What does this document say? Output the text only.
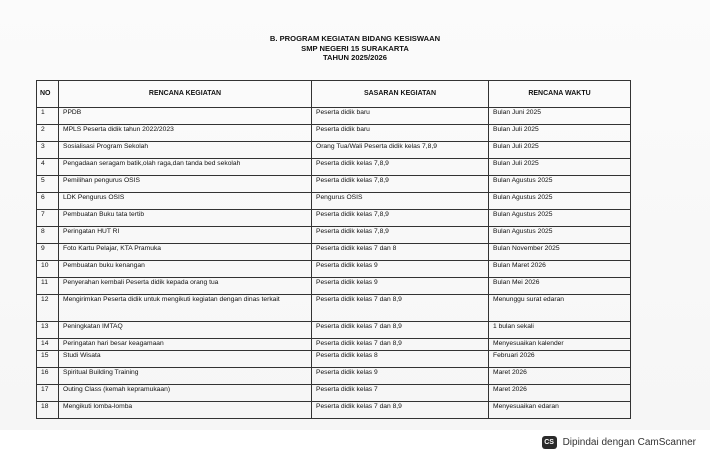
B. PROGRAM KEGIATAN BIDANG KESISWAAN
SMP NEGERI 15 SURAKARTA
TAHUN 2025/2026
NO	RENCANA KEGIATAN	SASARAN KEGIATAN	RENCANA WAKTU
1	PPDB	Peserta didik baru	Bulan Juni 2025
2	MPLS Peserta didik tahun 2022/2023	Peserta didik baru	Bulan Juli 2025
3	Sosialisasi Program Sekolah	Orang Tua/Wali Peserta didik kelas 7,8,9	Bulan Juli 2025
4	Pengadaan seragam batik,olah raga,dan tanda bed sekolah	Peserta didik kelas 7,8,9	Bulan Juli 2025
5	Pemilihan pengurus OSIS	Peserta didik kelas 7,8,9	Bulan Agustus 2025
6	LDK Pengurus OSIS	Pengurus OSIS	Bulan Agustus 2025
7	Pembuatan Buku tata tertib	Peserta didik kelas 7,8,9	Bulan Agustus 2025
8	Peringatan HUT RI	Peserta didik kelas 7,8,9	Bulan Agustus 2025
9	Foto Kartu Pelajar, KTA Pramuka	Peserta didik kelas 7 dan 8	Bulan November 2025
10	Pembuatan buku kenangan	Peserta didik kelas 9	Bulan Maret 2026
11	Penyerahan kembali Peserta didik kepada orang tua	Peserta didik kelas 9	Bulan Mei 2026
12	Mengirimkan Peserta didik untuk mengikuti kegiatan dengan dinas terkait	Peserta didik kelas 7 dan 8,9	Menunggu surat edaran
13	Peningkatan IMTAQ	Peserta didik kelas 7 dan 8,9	1 bulan sekali
14	Peringatan hari besar keagamaan	Peserta didik kelas 7 dan 8,9	Menyesuaikan kalender
15	Studi Wisata	Peserta didik kelas 8	Februari 2026
16	Spiritual Building Training	Peserta didik kelas 9	Maret 2026
17	Outing Class (kemah kepramukaan)	Peserta didik kelas 7	Maret 2026
18	Mengikuti lomba-lomba	Peserta didik kelas 7 dan 8,9	Menyesuaikan edaran
CS Dipindai dengan CamScanner
